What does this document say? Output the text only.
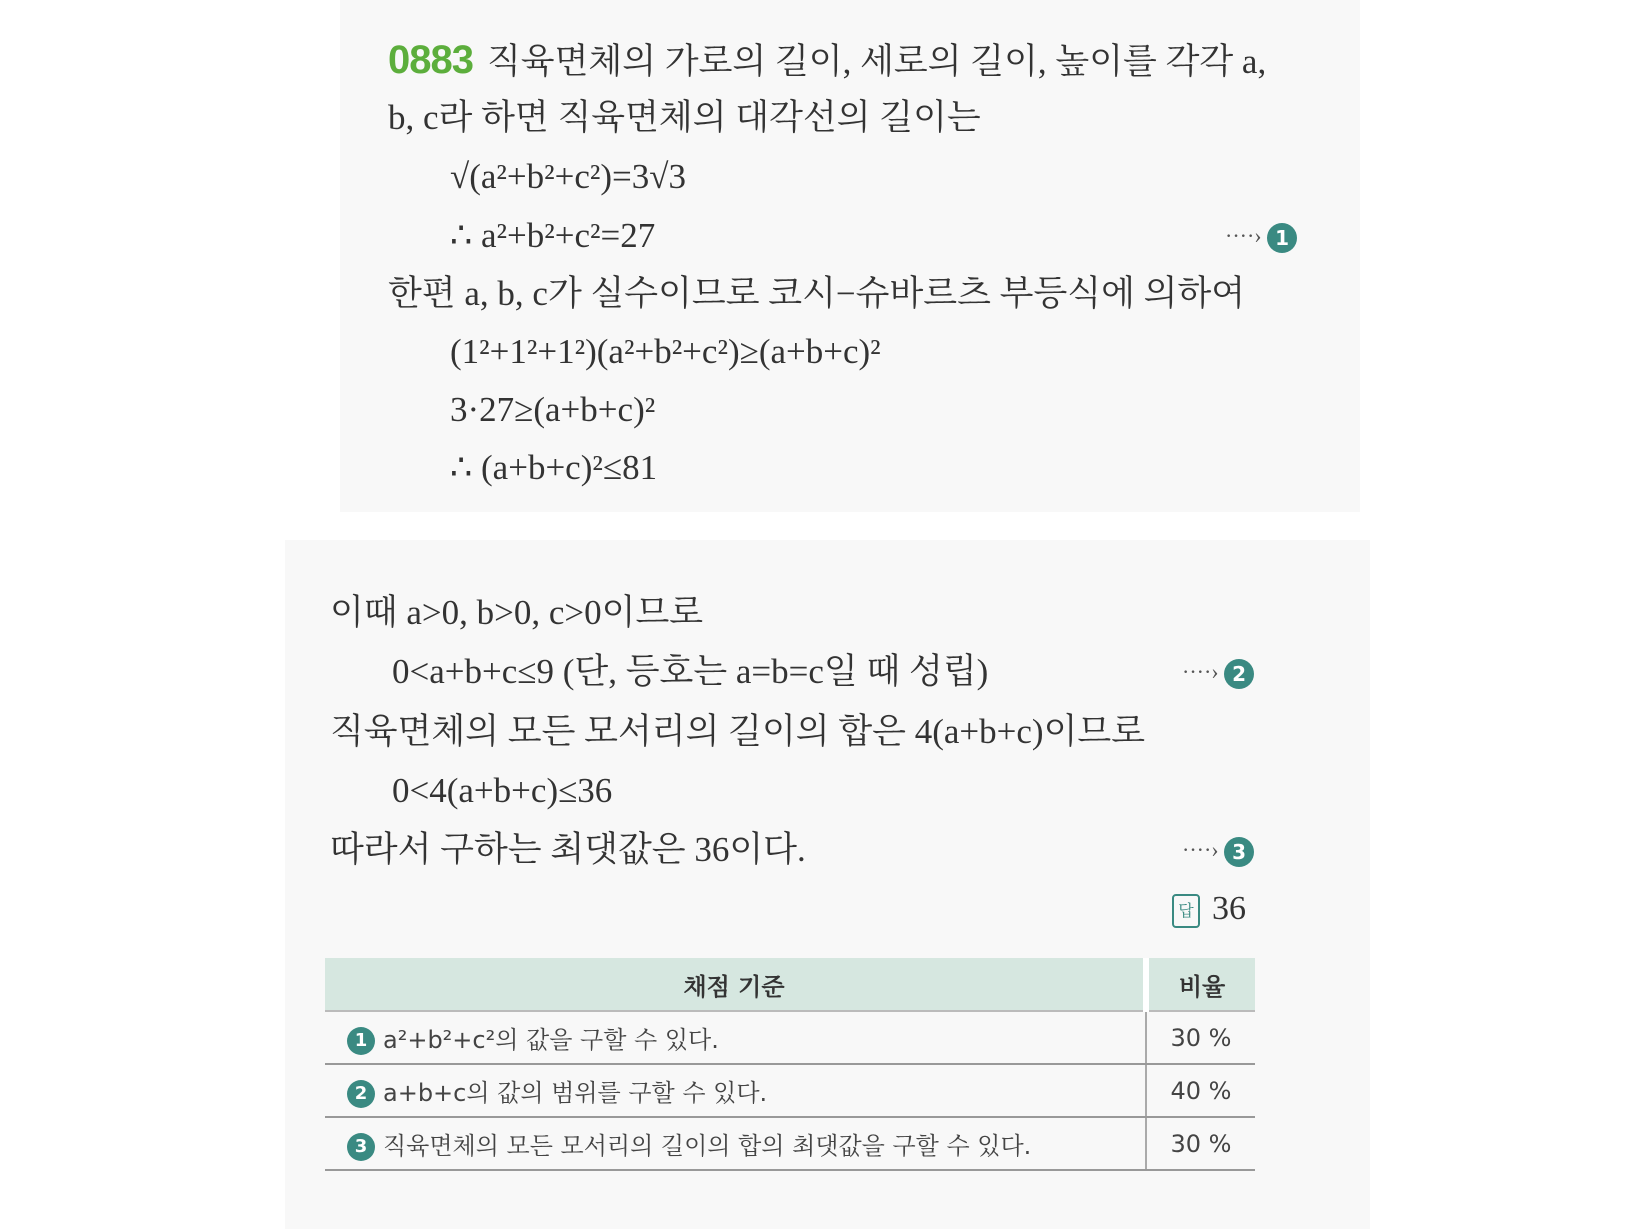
0883 직육면체의 가로의 길이, 세로의 길이, 높이를 각각 a,
b, c라 하면 직육면체의 대각선의 길이는
√(a²+b²+c²)=3√3
∴ a²+b²+c²=27	····› 1
한편 a, b, c가 실수이므로 코시−슈바르츠 부등식에 의하여
(1²+1²+1²)(a²+b²+c²)≥(a+b+c)²
3·27≥(a+b+c)²
∴ (a+b+c)²≤81
이때 a>0, b>0, c>0이므로
0<a+b+c≤9 (단, 등호는 a=b=c일 때 성립)	····› 2
직육면체의 모든 모서리의 길이의 합은 4(a+b+c)이므로
0<4(a+b+c)≤36
따라서 구하는 최댓값은 36이다.	····› 3
답 36
채점 기준	비율
1 a²+b²+c²의 값을 구할 수 있다.	30 %
2 a+b+c의 값의 범위를 구할 수 있다.	40 %
3 직육면체의 모든 모서리의 길이의 합의 최댓값을 구할 수 있다.	30 %
